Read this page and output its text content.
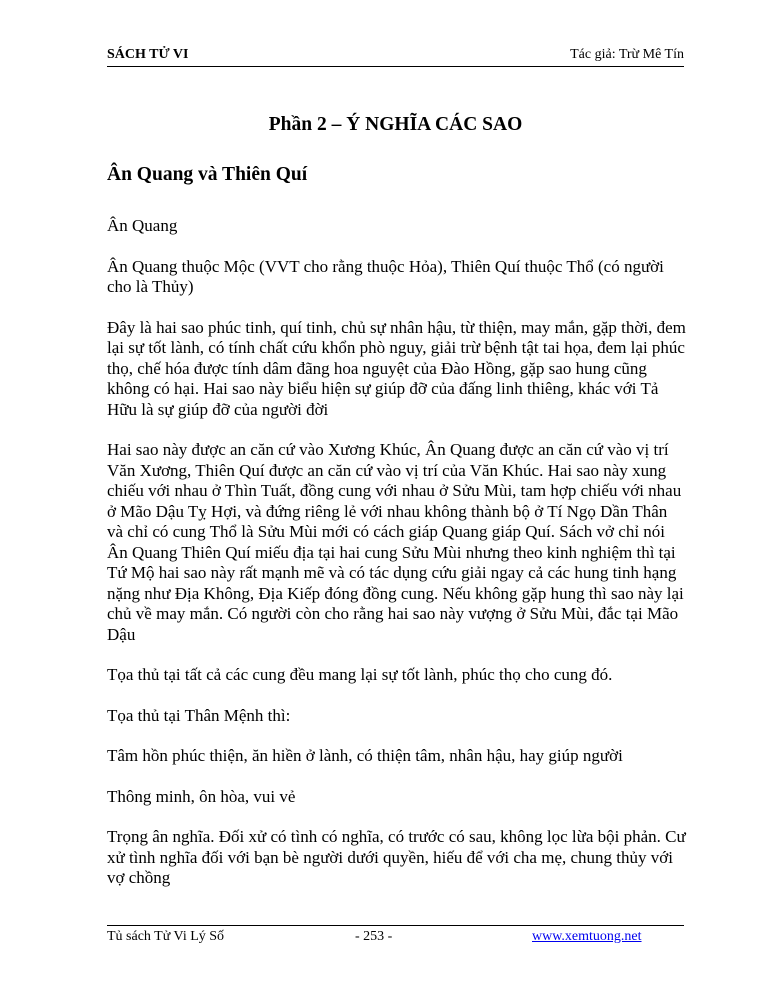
SÁCH TỬ VI	Tác giả: Trừ Mê Tín
Phần 2 – Ý NGHĨA CÁC SAO
Ân Quang và Thiên Quí

Ân Quang

Ân Quang thuộc Mộc (VVT cho rằng thuộc Hỏa), Thiên Quí thuộc Thổ (có người cho là Thủy)

Đây là hai sao phúc tinh, quí tinh, chủ sự nhân hậu, từ thiện, may mắn, gặp thời, đem lại sự tốt lành, có tính chất cứu khổn phò nguy, giải trừ bệnh tật tai họa, đem lại phúc thọ, chế hóa được tính dâm đãng hoa nguyệt của Đào Hồng, gặp sao hung cũng không có hại. Hai sao này biểu hiện sự giúp đỡ của đấng linh thiêng, khác với Tả Hữu là sự giúp đỡ của người đời

Hai sao này được an căn cứ vào Xương Khúc, Ân Quang được an căn cứ vào vị trí Văn Xương, Thiên Quí được an căn cứ vào vị trí của Văn Khúc. Hai sao này xung chiếu với nhau ở Thìn Tuất, đồng cung với nhau ở Sửu Mùi, tam hợp chiếu với nhau ở Mão Dậu Tỵ Hợi, và đứng riêng lẻ với nhau không thành bộ ở Tí Ngọ Dần Thân và chỉ có cung Thổ là Sửu Mùi mới có cách giáp Quang giáp Quí. Sách vở chỉ nói Ân Quang Thiên Quí miếu địa tại hai cung Sửu Mùi nhưng theo kinh nghiệm thì tại Tứ Mộ hai sao này rất mạnh mẽ và có tác dụng cứu giải ngay cả các hung tinh hạng nặng như Địa Không, Địa Kiếp đóng đồng cung. Nếu không gặp hung thì sao này lại chủ về may mắn. Có người còn cho rằng hai sao này vượng ở Sửu Mùi, đắc tại Mão Dậu

Tọa thủ tại tất cả các cung đều mang lại sự tốt lành, phúc thọ cho cung đó.

Tọa thủ tại Thân Mệnh thì:

Tâm hồn phúc thiện, ăn hiền ở lành, có thiện tâm, nhân hậu, hay giúp người

Thông minh, ôn hòa, vui vẻ

Trọng ân nghĩa. Đối xử có tình có nghĩa, có trước có sau, không lọc lừa bội phản. Cư xử tình nghĩa đối với bạn bè người dưới quyền, hiếu để với cha mẹ, chung thủy với vợ chồng

Tủ sách Tử Vi Lý Số	- 253 -	www.xemtuong.net
